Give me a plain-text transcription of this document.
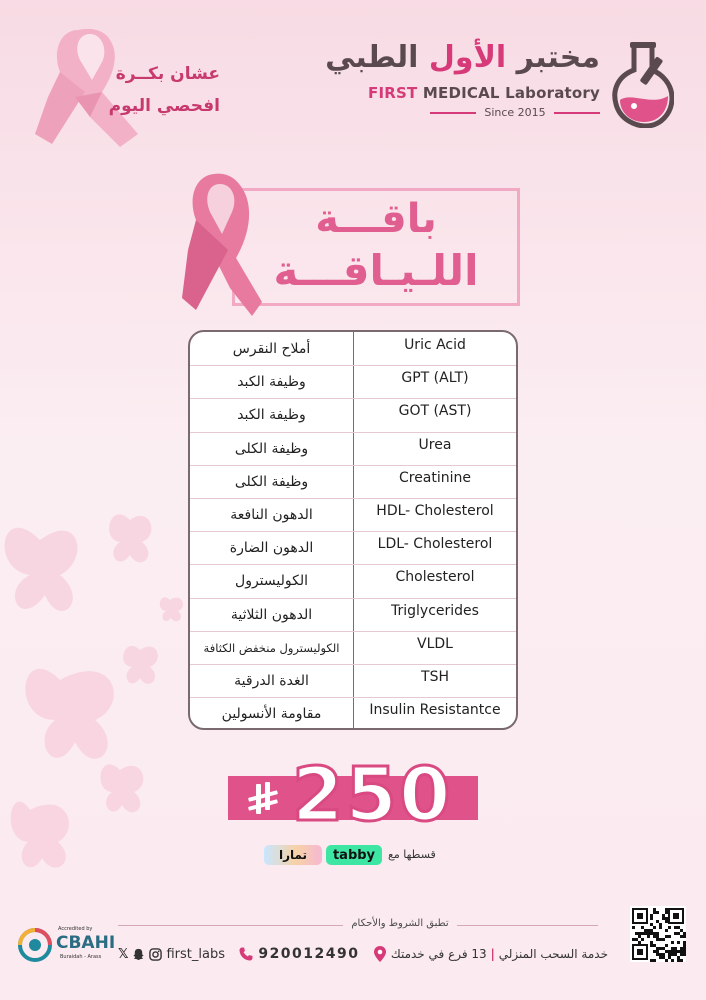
عشان بكــرة
افحصي اليوم
مختبر الأول الطبي
FIRST MEDICAL Laboratory
Since 2015
باقـــة
اللـيـاقـــة
أملاح النقرس	Uric Acid
وظيفة الكبد	GPT (ALT)
وظيفة الكبد	GOT (AST)
وظيفة الكلى	Urea
وظيفة الكلى	Creatinine
الدهون النافعة	HDL- Cholesterol
الدهون الضارة	LDL- Cholesterol
الكوليسترول	Cholesterol
الدهون الثلاثية	Triglycerides
الكوليسترول منخفض الكثافة	VLDL
الغدة الدرقية	TSH
مقاومة الأنسولين	Insulin Resistantce
250
قسطها مع
tabby
تمارا
تطبق الشروط والأحكام
𝕏	first_labs 920012490	خدمة السحب المنزلي | 13 فرع في خدمتك
Accredited by
CBAHI
Buraidah - Arass
